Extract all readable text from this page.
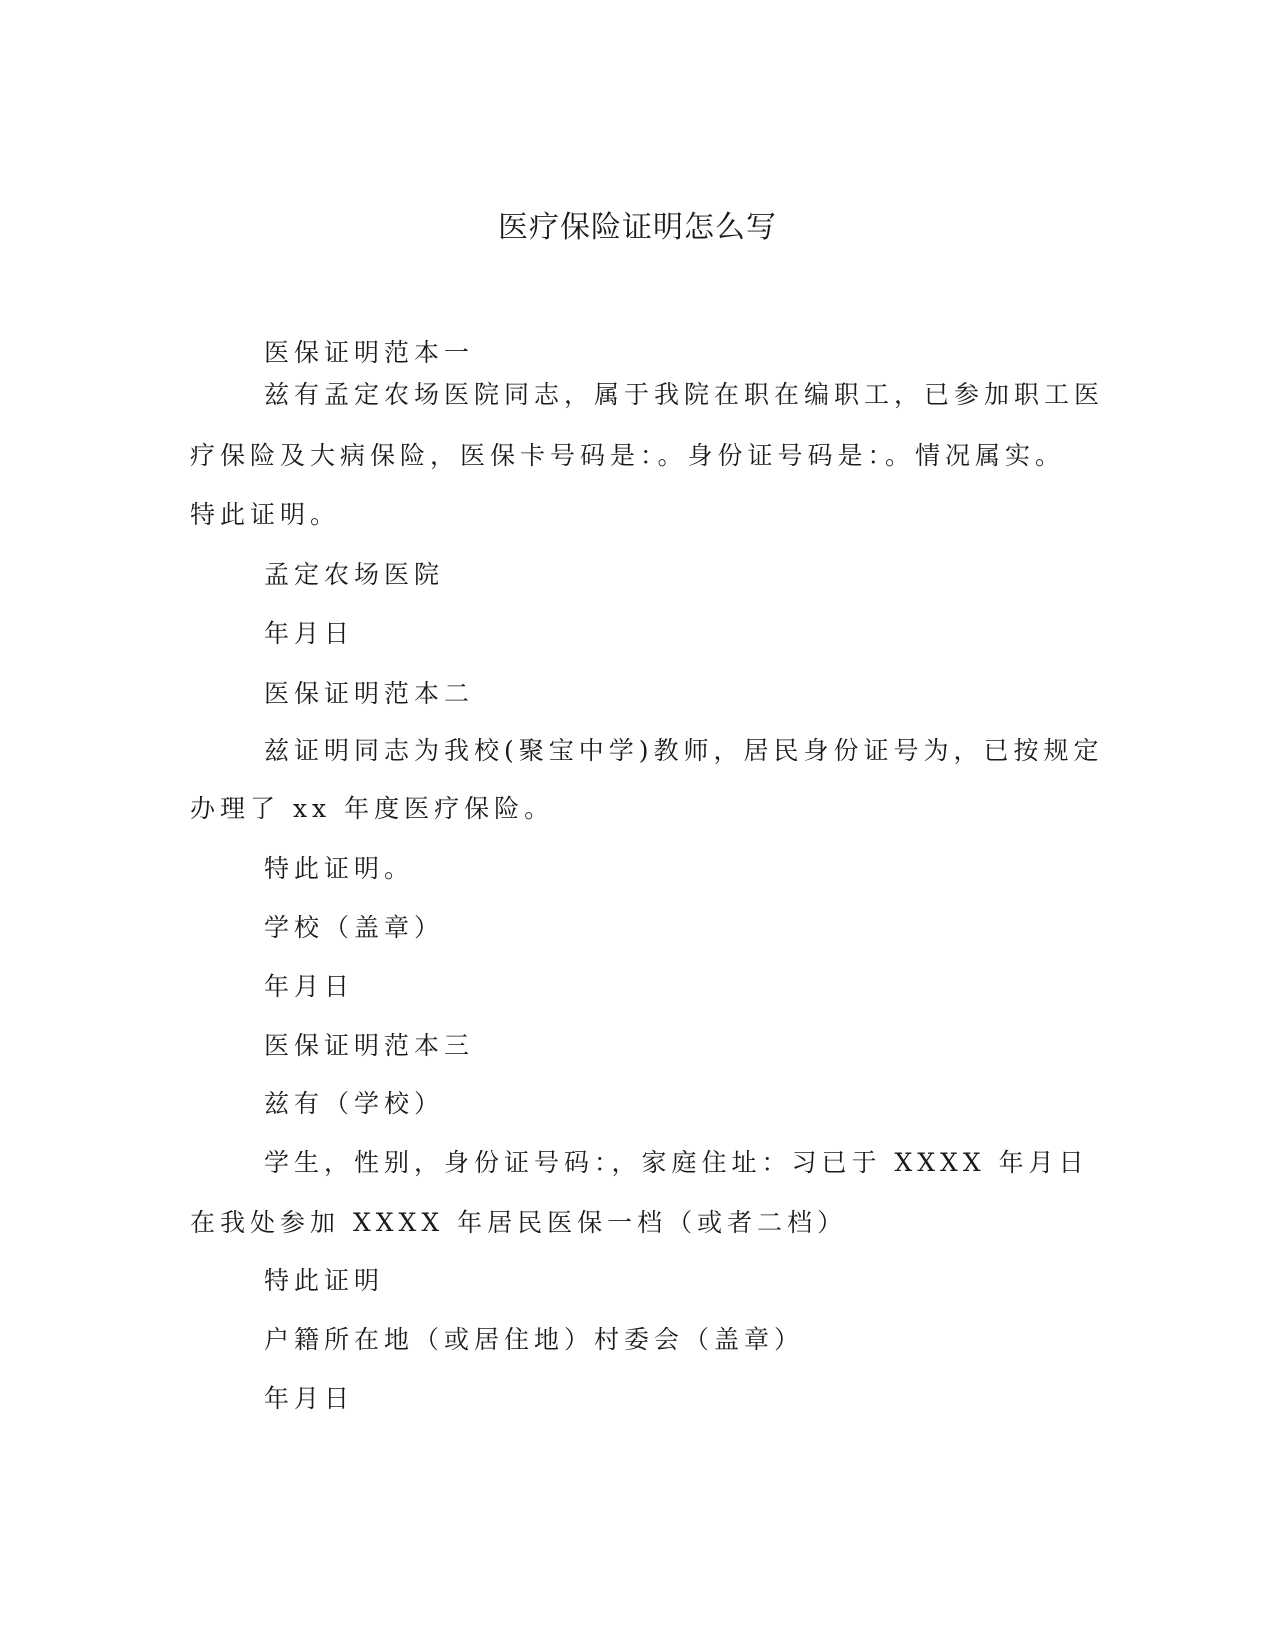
医疗保险证明怎么写
医保证明范本一
兹有孟定农场医院同志，属于我院在职在编职工，已参加职工医
疗保险及大病保险，医保卡号码是：。身份证号码是：。情况属实。
特此证明。
孟定农场医院
年月日
医保证明范本二
兹证明同志为我校(聚宝中学)教师，居民身份证号为，已按规定
办理了 xx 年度医疗保险。
特此证明。
学校（盖章）
年月日
医保证明范本三
兹有（学校）
学生，性别，身份证号码：，家庭住址：习已于 XXXX 年月日
在我处参加 XXXX 年居民医保一档（或者二档）
特此证明
户籍所在地（或居住地）村委会（盖章）
年月日
